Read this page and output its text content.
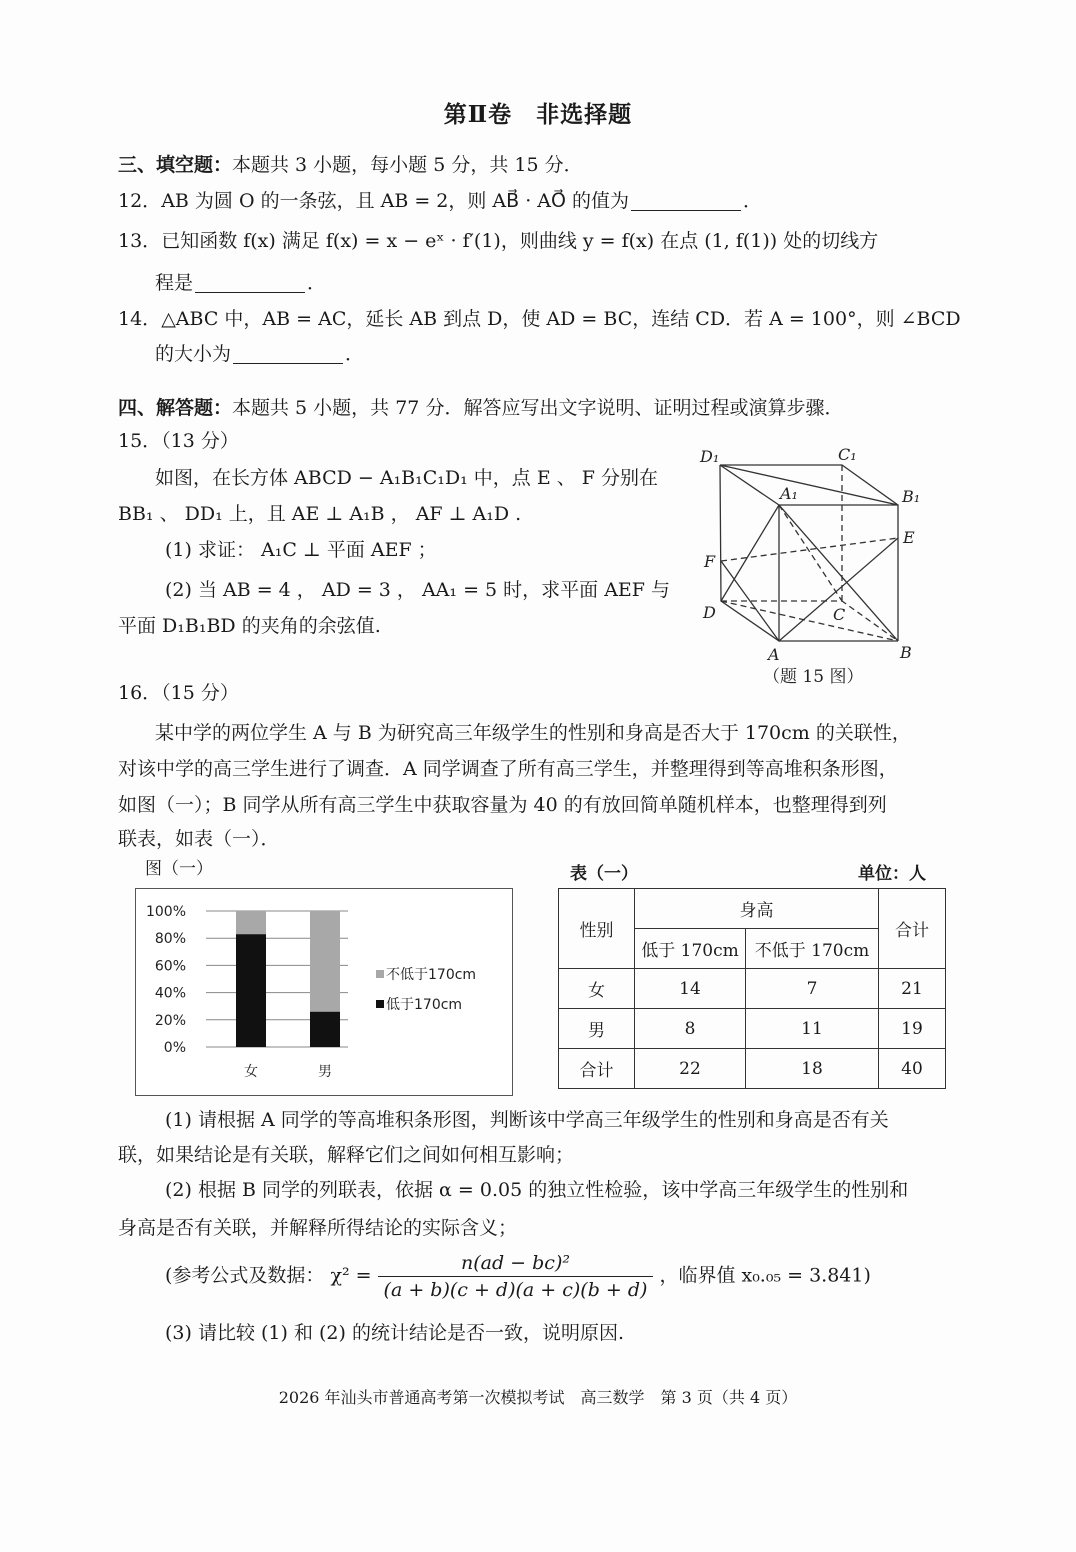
第Ⅱ卷　非选择题
三、填空题：本题共 3 小题，每小题 5 分，共 15 分．
12．AB 为圆 O 的一条弦，且 AB = 2，则 AB⃗ · AO⃗ 的值为	．
13．已知函数 f(x) 满足 f(x) = x − eˣ · f′(1)，则曲线 y = f(x) 在点 (1, f(1)) 处的切线方
程是	．
14．△ABC 中，AB = AC，延长 AB 到点 D，使 AD = BC，连结 CD．若 A = 100°，则 ∠BCD
的大小为	．
四、解答题：本题共 5 小题，共 77 分．解答应写出文字说明、证明过程或演算步骤．
15．（13 分）
如图，在长方体 ABCD − A₁B₁C₁D₁ 中，点 E 、 F 分别在
BB₁ 、 DD₁ 上，且 AE ⊥ A₁B ， AF ⊥ A₁D .
(1) 求证： A₁C ⊥ 平面 AEF ；
(2) 当 AB = 4 ， AD = 3 ， AA₁ = 5 时，求平面 AEF 与
平面 D₁B₁BD 的夹角的余弦值.
D₁	C₁
A₁	B₁
E
F
D	C
A	B
（题 15 图）
16．（15 分）
某中学的两位学生 A 与 B 为研究高三年级学生的性别和身高是否大于 170cm 的关联性，
对该中学的高三学生进行了调查．A 同学调查了所有高三学生，并整理得到等高堆积条形图，
如图（一）；B 同学从所有高三学生中获取容量为 40 的有放回简单随机样本，也整理得到列
联表，如表（一）．
图（一）
0%
20%
40%
60%
80%
100%
女	男
不低于170cm
低于170cm
表（一）	单位：人
性别	身高		合计
	低于 170cm	不低于 170cm	
女	14	7	21
男	8	11	19
合计	22	18	40
(1) 请根据 A 同学的等高堆积条形图，判断该中学高三年级学生的性别和身高是否有关
联，如果结论是有关联，解释它们之间如何相互影响；
(2) 根据 B 同学的列联表，依据 α = 0.05 的独立性检验，该中学高三年级学生的性别和
身高是否有关联，并解释所得结论的实际含义；
(参考公式及数据： $\chi^2 = \frac{\text{n(ad − bc)²}}{(a + b)(c + d)(a + c)(b + d)}$ ，临界值 x₀.₀₅ = 3.841)
(3) 请比较 (1) 和 (2) 的统计结论是否一致，说明原因.
2026 年汕头市普通高考第一次模拟考试　高三数学　第 3 页（共 4 页）
